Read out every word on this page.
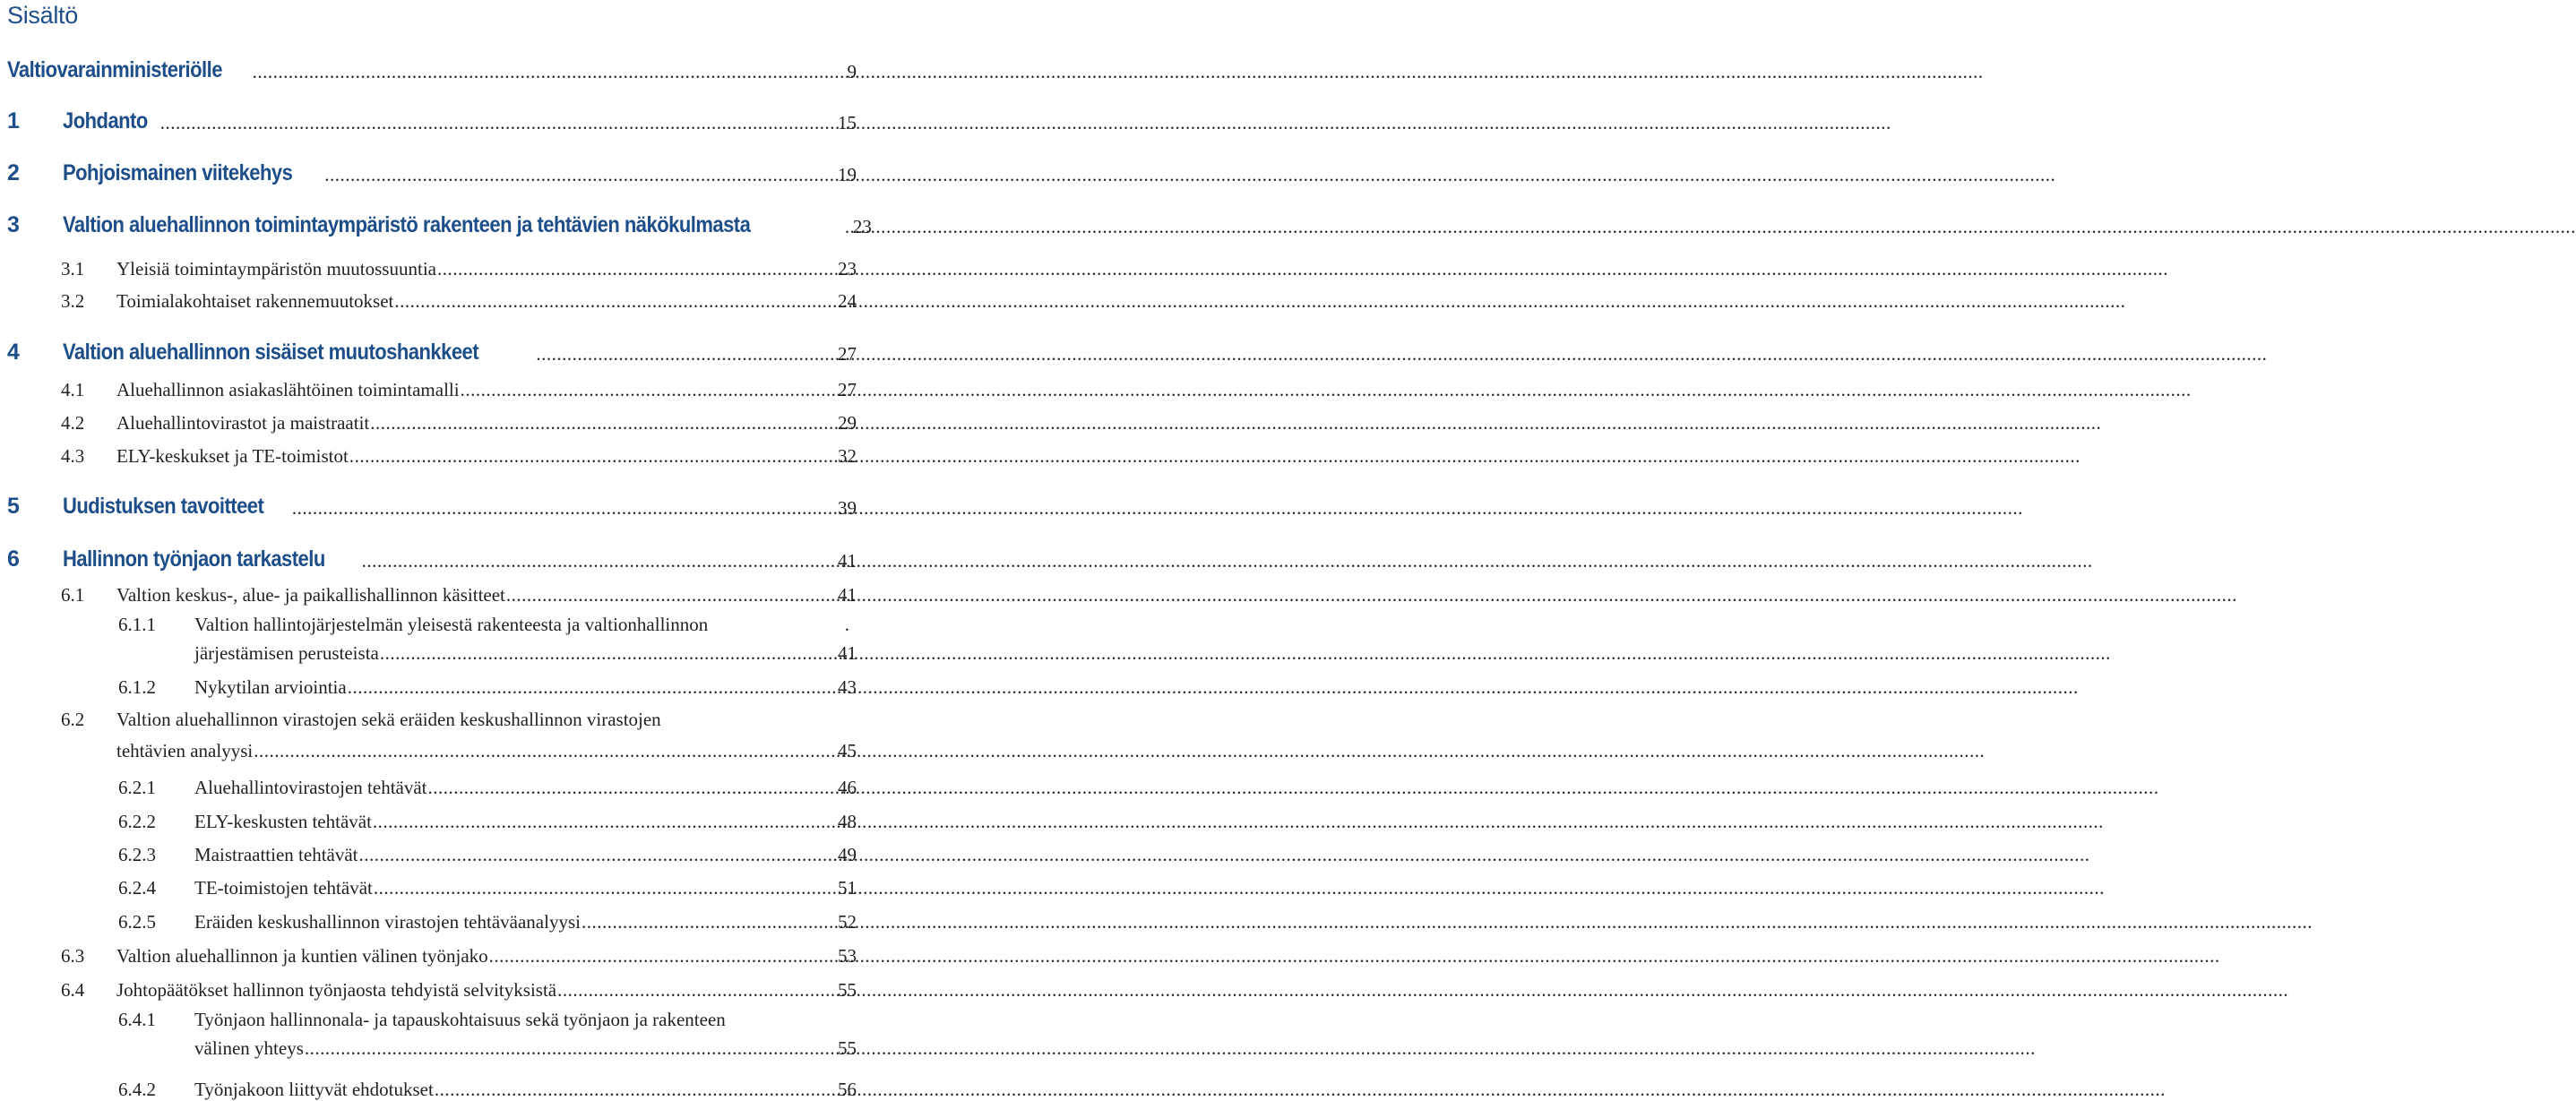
Sisältö
Valtiovarainministeriölle .....	9
1 Johdanto .....	15
2 Pohjoismainen viitekehys .....	19
3 Valtion aluehallinnon toimintaympäristö rakenteen ja tehtävien näkökulmasta .....	23
3.1 Yleisiä toimintaympäristön muutossuuntia .....	23
3.2 Toimialakohtaiset rakennemuutokset .....	24
4 Valtion aluehallinnon sisäiset muutoshankkeet .....	27
4.1 Aluehallinnon asiakaslähtöinen toimintamalli .....	27
4.2 Aluehallintovirastot ja maistraatit .....	29
4.3 ELY-keskukset ja TE-toimistot .....	32
5 Uudistuksen tavoitteet .....	39
6 Hallinnon työnjaon tarkastelu .....	41
6.1 Valtion keskus-, alue- ja paikallishallinnon käsitteet .....	41
6.1.1 Valtion hallintojärjestelmän yleisestä rakenteesta ja valtionhallinnon	.
järjestämisen perusteista .....	41
6.1.2 Nykytilan arviointia .....	43
6.2 Valtion aluehallinnon virastojen sekä eräiden keskushallinnon virastojen
tehtävien analyysi .....	45
6.2.1 Aluehallintovirastojen tehtävät .....	46
6.2.2 ELY-keskusten tehtävät .....	48
6.2.3 Maistraattien tehtävät .....	49
6.2.4 TE-toimistojen tehtävät .....	51
6.2.5 Eräiden keskushallinnon virastojen tehtäväanalyysi .....	52
6.3 Valtion aluehallinnon ja kuntien välinen työnjako .....	53
6.4 Johtopäätökset hallinnon työnjaosta tehdyistä selvityksistä .....	55
6.4.1 Työnjaon hallinnonala- ja tapauskohtaisuus sekä työnjaon ja rakenteen
välinen yhteys .....	55
6.4.2 Työnjakoon liittyvät ehdotukset .....	56
